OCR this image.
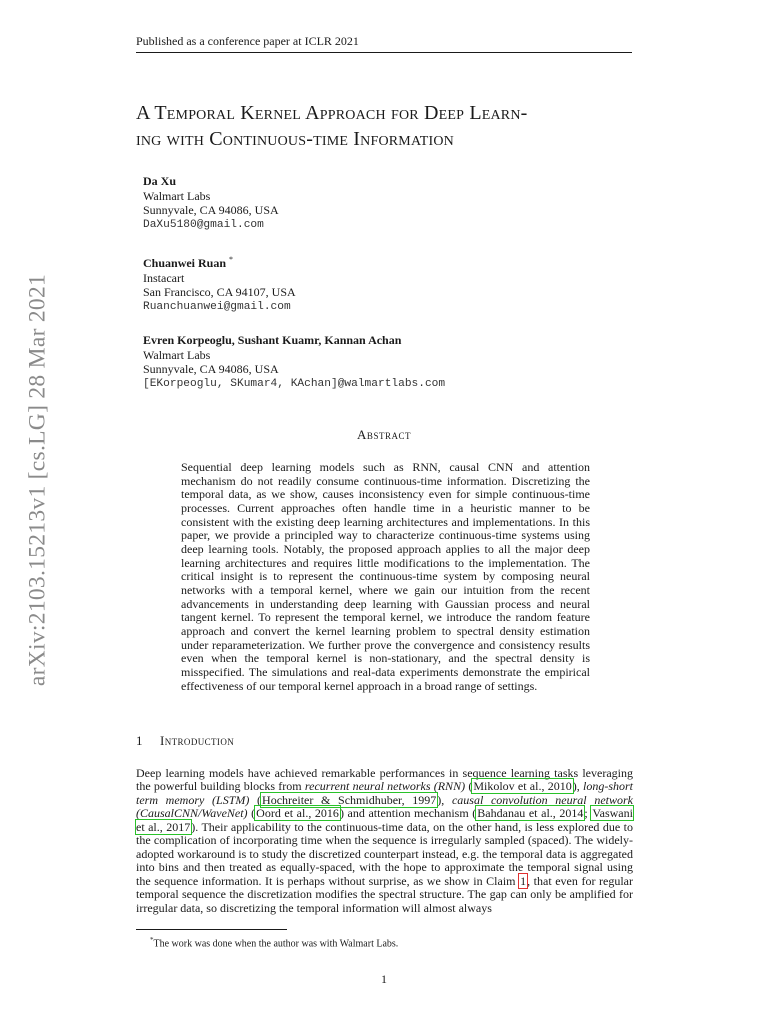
Published as a conference paper at ICLR 2021
A Temporal Kernel Approach for Deep Learn-
ing with Continuous-time Information
Da Xu
Walmart Labs
Sunnyvale, CA 94086, USA
DaXu5180@gmail.com
Chuanwei Ruan *
Instacart
San Francisco, CA 94107, USA
Ruanchuanwei@gmail.com
Evren Korpeoglu, Sushant Kuamr, Kannan Achan
Walmart Labs
Sunnyvale, CA 94086, USA
[EKorpeoglu, SKumar4, KAchan]@walmartlabs.com
Abstract

Sequential deep learning models such as RNN, causal CNN and attention mechanism do not readily consume continuous-time information. Discretizing the temporal data, as we show, causes inconsistency even for simple continuous-time processes. Current approaches often handle time in a heuristic manner to be consistent with the existing deep learning architectures and implementations. In this paper, we provide a principled way to characterize continuous-time systems using deep learning tools. Notably, the proposed approach applies to all the major deep learning architectures and requires little modifications to the implementation. The critical insight is to represent the continuous-time system by composing neural networks with a temporal kernel, where we gain our intuition from the recent advancements in understanding deep learning with Gaussian process and neural tangent kernel. To represent the temporal kernel, we introduce the random feature approach and convert the kernel learning problem to spectral density estimation under reparameterization. We further prove the convergence and consistency results even when the temporal kernel is non-stationary, and the spectral density is misspecified. The simulations and real-data experiments demonstrate the empirical effectiveness of our temporal kernel approach in a broad range of settings.

1 Introduction

Deep learning models have achieved remarkable performances in sequence learning tasks leveraging the powerful building blocks from recurrent neural networks (RNN) (Mikolov et al., 2010), long-short term memory (LSTM) (Hochreiter & Schmidhuber, 1997), causal convolution neural network (CausalCNN/WaveNet) (Oord et al., 2016) and attention mechanism (Bahdanau et al., 2014; Vaswani et al., 2017). Their applicability to the continuous-time data, on the other hand, is less explored due to the complication of incorporating time when the sequence is irregularly sampled (spaced). The widely-adopted workaround is to study the discretized counterpart instead, e.g. the temporal data is aggregated into bins and then treated as equally-spaced, with the hope to approximate the temporal signal using the sequence information. It is perhaps without surprise, as we show in Claim 1, that even for regular temporal sequence the discretization modifies the spectral structure. The gap can only be amplified for irregular data, so discretizing the temporal information will almost always

*The work was done when the author was with Walmart Labs.
1
arXiv:2103.15213v1 [cs.LG] 28 Mar 2021
